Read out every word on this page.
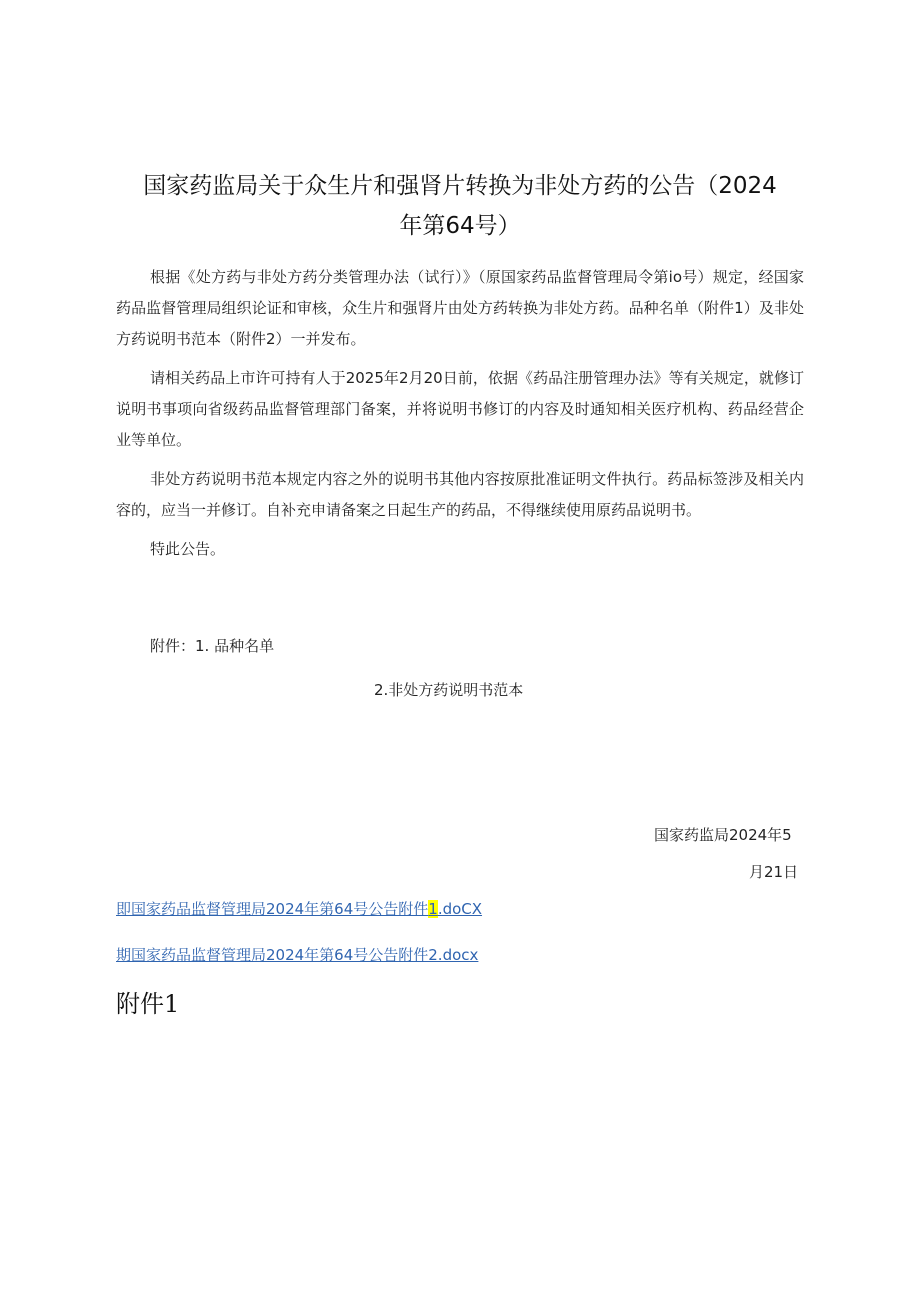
国家药监局关于众生片和强肾片转换为非处方药的公告（2024
年第64号）

根据《处方药与非处方药分类管理办法（试行）》（原国家药品监督管理局令第io号）规定，经国家药品监督管理局组织论证和审核，众生片和强肾片由处方药转换为非处方药。品种名单（附件1）及非处方药说明书范本（附件2）一并发布。

请相关药品上市许可持有人于2025年2月20日前，依据《药品注册管理办法》等有关规定，就修订说明书事项向省级药品监督管理部门备案，并将说明书修订的内容及时通知相关医疗机构、药品经营企业等单位。

非处方药说明书范本规定内容之外的说明书其他内容按原批准证明文件执行。药品标签涉及相关内容的，应当一并修订。自补充申请备案之日起生产的药品，不得继续使用原药品说明书。

特此公告。

附件：1. 品种名单
2.非处方药说明书范本
国家药监局2024年5
月21日
即国家药品监督管理局2024年第64号公告附件1.doCX
期国家药品监督管理局2024年第64号公告附件2.docx
附件1
